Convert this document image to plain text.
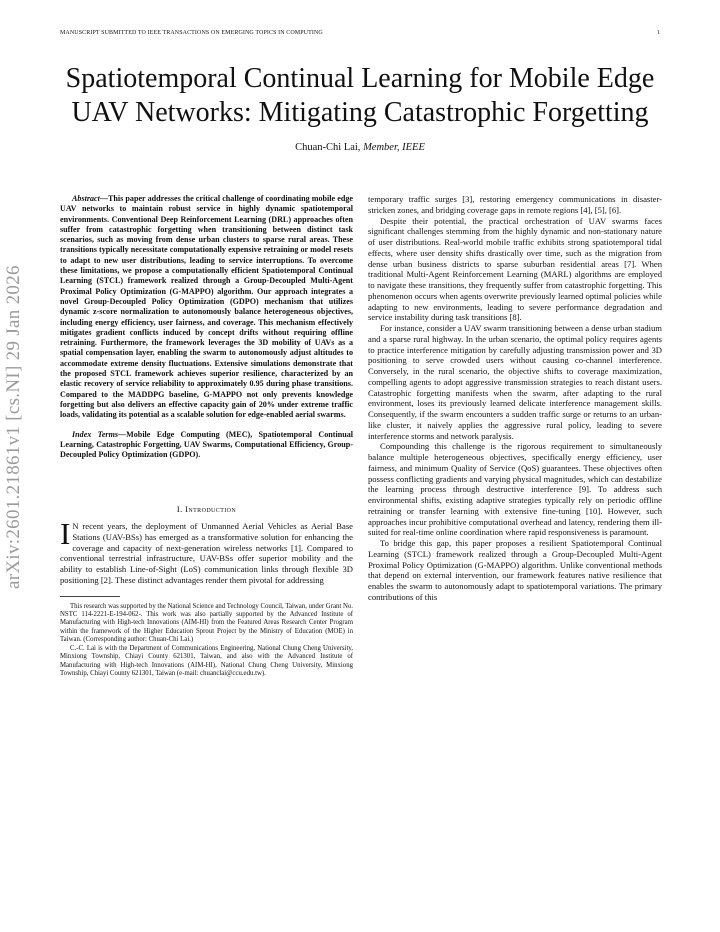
MANUSCRIPT SUBMITTED TO IEEE TRANSACTIONS ON EMERGING TOPICS IN COMPUTING	1
Spatiotemporal Continual Learning for Mobile Edge
UAV Networks: Mitigating Catastrophic Forgetting
Chuan-Chi Lai, Member, IEEE
arXiv:2601.21861v1 [cs.NI] 29 Jan 2026

Abstract—This paper addresses the critical challenge of coordinating mobile edge UAV networks to maintain robust service in highly dynamic spatiotemporal environments. Conventional Deep Reinforcement Learning (DRL) approaches often suffer from catastrophic forgetting when transitioning between distinct task scenarios, such as moving from dense urban clusters to sparse rural areas. These transitions typically necessitate computationally expensive retraining or model resets to adapt to new user distributions, leading to service interruptions. To overcome these limitations, we propose a computationally efficient Spatiotemporal Continual Learning (STCL) framework realized through a Group-Decoupled Multi-Agent Proximal Policy Optimization (G-MAPPO) algorithm. Our approach integrates a novel Group-Decoupled Policy Optimization (GDPO) mechanism that utilizes dynamic z-score normalization to autonomously balance heterogeneous objectives, including energy efficiency, user fairness, and coverage. This mechanism effectively mitigates gradient conflicts induced by concept drifts without requiring offline retraining. Furthermore, the framework leverages the 3D mobility of UAVs as a spatial compensation layer, enabling the swarm to autonomously adjust altitudes to accommodate extreme density fluctuations. Extensive simulations demonstrate that the proposed STCL framework achieves superior resilience, characterized by an elastic recovery of service reliability to approximately 0.95 during phase transitions. Compared to the MADDPG baseline, G-MAPPO not only prevents knowledge forgetting but also delivers an effective capacity gain of 20% under extreme traffic loads, validating its potential as a scalable solution for edge-enabled aerial swarms.

Index Terms—Mobile Edge Computing (MEC), Spatiotemporal Continual Learning, Catastrophic Forgetting, UAV Swarms, Computational Efficiency, Group-Decoupled Policy Optimization (GDPO).

I. Introduction

I N recent years, the deployment of Unmanned Aerial Vehicles as Aerial Base Stations (UAV-BSs) has emerged as a transformative solution for enhancing the coverage and capacity of next-generation wireless networks [1]. Compared to conventional terrestrial infrastructure, UAV-BSs offer superior mobility and the ability to establish Line-of-Sight (LoS) communication links through flexible 3D positioning [2]. These distinct advantages render them pivotal for addressing

This research was supported by the National Science and Technology Council, Taiwan, under Grant No. NSTC 114-2221-E-194-062-. This work was also partially supported by the Advanced Institute of Manufacturing with High-tech Innovations (AIM-HI) from the Featured Areas Research Center Program within the framework of the Higher Education Sprout Project by the Ministry of Education (MOE) in Taiwan. (Corresponding author: Chuan-Chi Lai.)

C.-C. Lai is with the Department of Communications Engineering, National Chung Cheng University, Minxiong Township, Chiayi County 621301, Taiwan, and also with the Advanced Institute of Manufacturing with High-tech Innovations (AIM-HI), National Chung Cheng University, Minxiong Township, Chiayi County 621301, Taiwan (e-mail: chuanclai@ccu.edu.tw).

temporary traffic surges [3], restoring emergency communications in disaster-stricken zones, and bridging coverage gaps in remote regions [4], [5], [6].

Despite their potential, the practical orchestration of UAV swarms faces significant challenges stemming from the highly dynamic and non-stationary nature of user distributions. Real-world mobile traffic exhibits strong spatiotemporal tidal effects, where user density shifts drastically over time, such as the migration from dense urban business districts to sparse suburban residential areas [7]. When traditional Multi-Agent Reinforcement Learning (MARL) algorithms are employed to navigate these transitions, they frequently suffer from catastrophic forgetting. This phenomenon occurs when agents overwrite previously learned optimal policies while adapting to new environments, leading to severe performance degradation and service instability during task transitions [8].

For instance, consider a UAV swarm transitioning between a dense urban stadium and a sparse rural highway. In the urban scenario, the optimal policy requires agents to practice interference mitigation by carefully adjusting transmission power and 3D positioning to serve crowded users without causing co-channel interference. Conversely, in the rural scenario, the objective shifts to coverage maximization, compelling agents to adopt aggressive transmission strategies to reach distant users. Catastrophic forgetting manifests when the swarm, after adapting to the rural environment, loses its previously learned delicate interference management skills. Consequently, if the swarm encounters a sudden traffic surge or returns to an urban-like cluster, it naively applies the aggressive rural policy, leading to severe interference storms and network paralysis.

Compounding this challenge is the rigorous requirement to simultaneously balance multiple heterogeneous objectives, specifically energy efficiency, user fairness, and minimum Quality of Service (QoS) guarantees. These objectives often possess conflicting gradients and varying physical magnitudes, which can destabilize the learning process through destructive interference [9]. To address such environmental shifts, existing adaptive strategies typically rely on periodic offline retraining or transfer learning with extensive fine-tuning [10]. However, such approaches incur prohibitive computational overhead and latency, rendering them ill-suited for real-time online coordination where rapid responsiveness is paramount.

To bridge this gap, this paper proposes a resilient Spatiotemporal Continual Learning (STCL) framework realized through a Group-Decoupled Multi-Agent Proximal Policy Optimization (G-MAPPO) algorithm. Unlike conventional methods that depend on external intervention, our framework features native resilience that enables the swarm to autonomously adapt to spatiotemporal variations. The primary contributions of this
